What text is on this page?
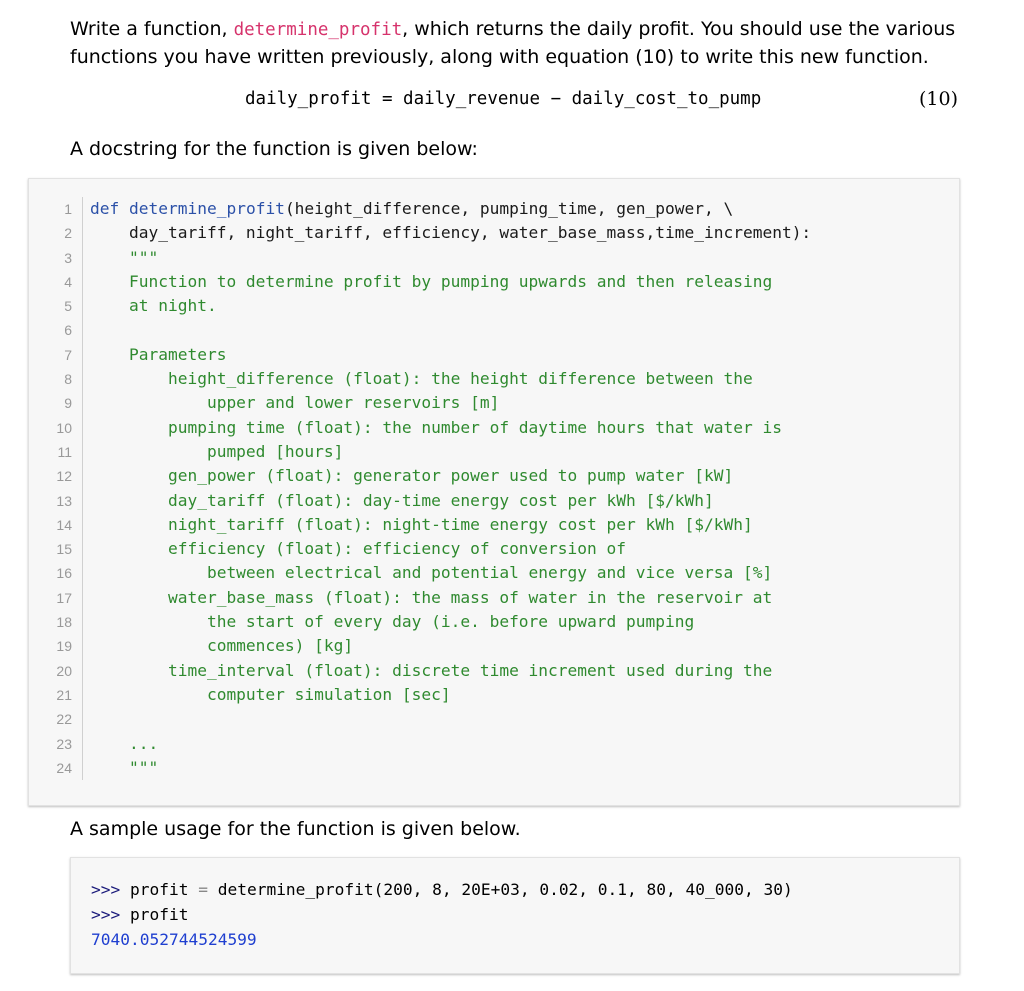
Write a function, determine_profit, which returns the daily profit. You should use the various
functions you have written previously, along with equation (10) to write this new function.
daily_profit = daily_revenue − daily_cost_to_pump	(10)
A docstring for the function is given below:
1
2
3
4
5
6
7
8
9
10
11
12
13
14
15
16
17
18
19
20
21
22
23
24
def determine_profit(height_difference, pumping_time, gen_power, \
day_tariff, night_tariff, efficiency, water_base_mass,time_increment):
"""
Function to determine profit by pumping upwards and then releasing
at night.
Parameters
height_difference (float): the height difference between the
upper and lower reservoirs [m]
pumping time (float): the number of daytime hours that water is
pumped [hours]
gen_power (float): generator power used to pump water [kW]
day_tariff (float): day-time energy cost per kWh [$/kWh]
night_tariff (float): night-time energy cost per kWh [$/kWh]
efficiency (float): efficiency of conversion of
between electrical and potential energy and vice versa [%]
water_base_mass (float): the mass of water in the reservoir at
the start of every day (i.e. before upward pumping
commences) [kg]
time_interval (float): discrete time increment used during the
computer simulation [sec]
...
"""
A sample usage for the function is given below.
>>> profit = determine_profit(200, 8, 20E+03, 0.02, 0.1, 80, 40_000, 30)
>>> profit
7040.052744524599
